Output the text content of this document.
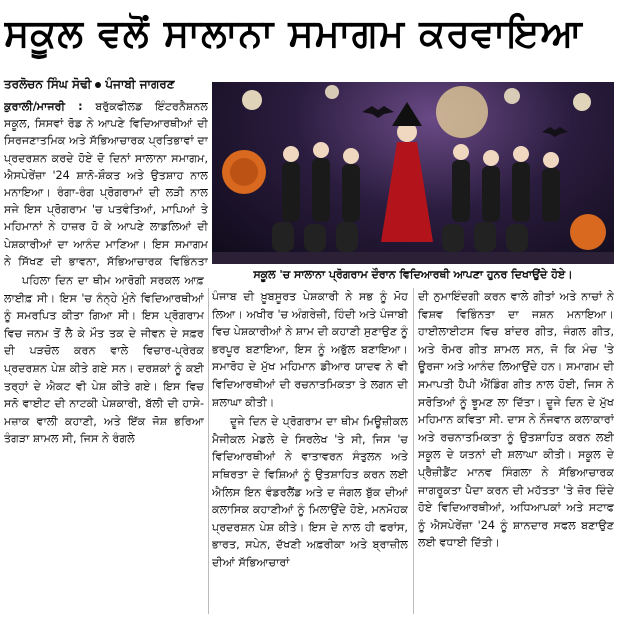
ਸਕੂਲ ਵਲੋਂ ਸਾਲਾਨਾ ਸਮਾਗਮ ਕਰਵਾਇਆ
ਤਰਲੋਚਨ ਸਿੰਘ ਸੋਢੀ ਪੰਜਾਬੀ ਜਾਗਰਣ
ਕੁਰਾਲੀ/ਮਾਜਰੀ : ਬਰੁੱਕਫੀਲਡ ਇੰਟਰਨੈਸ਼ਨਲ ਸਕੂਲ, ਸਿਸਵਾਂ ਰੋਡ ਨੇ ਆਪਣੇ ਵਿਦਿਆਰਥੀਆਂ ਦੀ ਸਿਰਜਣਾਤਮਿਕ ਅਤੇ ਸੱਭਿਆਚਾਰਕ ਪ੍ਰਤਿਭਾਵਾਂ ਦਾ ਪ੍ਰਦਰਸ਼ਨ ਕਰਦੇ ਹੋਏ ਦੋ ਦਿਨਾਂ ਸਾਲਾਨਾ ਸਮਾਗਮ, ਐਸਪੇਰੇਂਜ਼ਾ '24 ਸ਼ਾਨੋ-ਸ਼ੌਕਤ ਅਤੇ ਉਤਸ਼ਾਹ ਨਾਲ ਮਨਾਇਆ। ਰੰਗਾ-ਰੰਗ ਪ੍ਰੋਗਰਾਮਾਂ ਦੀ ਲੜੀ ਨਾਲ ਸਜੇ ਇਸ ਪ੍ਰੋਗਰਾਮ 'ਚ ਪਤਵੰਤਿਆਂ, ਮਾਪਿਆਂ ਤੇ ਮਹਿਮਾਨਾਂ ਨੇ ਹਾਜ਼ਰ ਹੋ ਕੇ ਆਪਣੇ ਲਾਡਲਿਆਂ ਦੀ ਪੇਸ਼ਕਾਰੀਆਂ ਦਾ ਆਨੰਦ ਮਾਣਿਆ। ਇਸ ਸਮਾਗਮ ਨੇ ਸਿੱਖਣ ਦੀ ਭਾਵਨਾ, ਸੱਭਿਆਚਾਰਕ ਵਿਭਿੰਨਤਾ
ਸਕੂਲ 'ਚ ਸਾਲਾਨਾ ਪ੍ਰੋਗਰਾਮ ਦੌਰਾਨ ਵਿਦਿਆਰਥੀ ਆਪਣਾ ਹੁਨਰ ਦਿਖਾਉਂਦੇ ਹੋਏ।

ਪਹਿਲਾ ਦਿਨ ਦਾ ਥੀਮ ਆਰੋਗੀ ਸਰਕਲ ਆਫ਼ ਲਾਈਫ਼ ਸੀ। ਇਸ 'ਚ ਨੰਨ੍ਹੇ ਮੁੰਨੇ ਵਿਦਿਆਰਥੀਆਂ ਨੂੰ ਸਮਰਪਿਤ ਕੀਤਾ ਗਿਆ ਸੀ। ਇਸ ਪ੍ਰੋਗਰਾਮ ਵਿਚ ਜਨਮ ਤੋਂ ਲੈ ਕੇ ਮੌਤ ਤਕ ਦੇ ਜੀਵਨ ਦੇ ਸਫ਼ਰ ਦੀ ਪੜਚੋਲ ਕਰਨ ਵਾਲੇ ਵਿਚਾਰ-ਪ੍ਰੇਰਕ ਪ੍ਰਦਰਸ਼ਨ ਪੇਸ਼ ਕੀਤੇ ਗਏ ਸਨ। ਦਰਸ਼ਕਾਂ ਨੂੰ ਕਈ ਤਰ੍ਹਾਂ ਦੇ ਐਕਟ ਵੀ ਪੇਸ਼ ਕੀਤੇ ਗਏ। ਇਸ ਵਿਚ ਸਨੋ ਵਾਈਟ ਦੀ ਨਾਟਕੀ ਪੇਸ਼ਕਾਰੀ, ਬੱਲੀ ਦੀ ਹਾਸੇ-ਮਜ਼ਾਕ ਵਾਲੀ ਕਹਾਣੀ, ਅਤੇ ਇੱਕ ਜੋਸ਼ ਭਰਿਆ ਤੰਗੜਾ ਸ਼ਾਮਲ ਸੀ, ਜਿਸ ਨੇ ਰੰਗਲੇ

ਪੰਜਾਬ ਦੀ ਖ਼ੂਬਸੂਰਤ ਪੇਸ਼ਕਾਰੀ ਨੇ ਸਭ ਨੂੰ ਮੋਹ ਲਿਆ। ਅਖੀਰ 'ਚ ਅੰਗਰੇਜ਼ੀ, ਹਿੰਦੀ ਅਤੇ ਪੰਜਾਬੀ ਵਿਚ ਪੇਸ਼ਕਾਰੀਆਂ ਨੇ ਸ਼ਾਮ ਦੀ ਕਹਾਣੀ ਸੁਣਾਉਣ ਨੂੰ ਭਰਪੂਰ ਬਣਾਇਆ, ਇਸ ਨੂੰ ਅਭੁੱਲ ਬਣਾਇਆ। ਸਮਾਰੋਹ ਦੇ ਮੁੱਖ ਮਹਿਮਾਨ ਡੀਆਰ ਯਾਦਵ ਨੇ ਵੀ ਵਿਦਿਆਰਥੀਆਂ ਦੀ ਰਚਨਾਤਮਿਕਤਾ ਤੇ ਲਗਨ ਦੀ ਸ਼ਲਾਘਾ ਕੀਤੀ।

ਦੂਜੇ ਦਿਨ ਦੇ ਪ੍ਰੋਗਰਾਮ ਦਾ ਥੀਮ ਮਿਊਜ਼ੀਕਲ ਮੈਜੀਕਲ ਮੇਡਲੇ ਦੇ ਸਿਰਲੇਖ 'ਤੇ ਸੀ, ਜਿਸ 'ਚ ਵਿਦਿਆਰਥੀਆਂ ਨੇ ਵਾਤਾਵਰਨ ਸੰਤੁਲਨ ਅਤੇ ਸਥਿਰਤਾ ਦੇ ਵਿਸ਼ਿਆਂ ਨੂੰ ਉਤਸ਼ਾਹਿਤ ਕਰਨ ਲਈ ਐਲਿਸ ਇਨ ਵੰਡਰਲੈਂਡ ਅਤੇ ਦ ਜੰਗਲ ਬੁੱਕ ਦੀਆਂ ਕਲਾਸਿਕ ਕਹਾਣੀਆਂ ਨੂੰ ਮਿਲਾਉਂਦੇ ਹੋਏ, ਮਨਮੋਹਕ ਪ੍ਰਦਰਸ਼ਨ ਪੇਸ਼ ਕੀਤੇ। ਇਸ ਦੇ ਨਾਲ ਹੀ ਫਰਾਂਸ, ਭਾਰਤ, ਸਪੇਨ, ਦੱਖਣੀ ਅਫ਼ਰੀਕਾ ਅਤੇ ਬ੍ਰਾਜ਼ੀਲ ਦੀਆਂ ਸੱਭਿਆਚਾਰਾਂ

ਦੀ ਨੁਮਾਇੰਦਗੀ ਕਰਨ ਵਾਲੇ ਗੀਤਾਂ ਅਤੇ ਨਾਚਾਂ ਨੇ ਵਿਸ਼ਵ ਵਿਭਿੰਨਤਾ ਦਾ ਜਸ਼ਨ ਮਨਾਇਆ। ਹਾਈਲਾਈਟਸ ਵਿਚ ਬਾਂਦਰ ਗੀਤ, ਜੰਗਲ ਗੀਤ, ਅਤੇ ਰੋਮਰ ਗੀਤ ਸ਼ਾਮਲ ਸਨ, ਜੋ ਕਿ ਮੰਚ 'ਤੇ ਊਰਜਾ ਅਤੇ ਆਨੰਦ ਲਿਆਉਂਦੇ ਹਨ। ਸਮਾਗਮ ਦੀ ਸਮਾਪਤੀ ਹੈਪੀ ਐਂਡਿੰਗ ਗੀਤ ਨਾਲ ਹੋਈ, ਜਿਸ ਨੇ ਸਰੋਤਿਆਂ ਨੂੰ ਝੂਮਣ ਲਾ ਦਿੱਤਾ। ਦੂਜੇ ਦਿਨ ਦੇ ਮੁੱਖ ਮਹਿਮਾਨ ਕਵਿਤਾ ਸੀ. ਦਾਸ ਨੇ ਨੌਜਵਾਨ ਕਲਾਕਾਰਾਂ ਅਤੇ ਰਚਨਾਤਮਿਕਤਾ ਨੂੰ ਉਤਸ਼ਾਹਿਤ ਕਰਨ ਲਈ ਸਕੂਲ ਦੇ ਯਤਨਾਂ ਦੀ ਸ਼ਲਾਘਾ ਕੀਤੀ। ਸਕੂਲ ਦੇ ਪ੍ਰੈਜ਼ੀਡੈਂਟ ਮਾਨਵ ਸਿੰਗਲਾ ਨੇ ਸੱਭਿਆਚਾਰਕ ਜਾਗਰੂਕਤਾ ਪੈਦਾ ਕਰਨ ਦੀ ਮਹੱਤਤਾ 'ਤੇ ਜ਼ੋਰ ਦਿੰਦੇ ਹੋਏ ਵਿਦਿਆਰਥੀਆਂ, ਅਧਿਆਪਕਾਂ ਅਤੇ ਸਟਾਫ ਨੂੰ ਐਸਪੇਰੇਂਜ਼ਾ '24 ਨੂੰ ਸ਼ਾਨਦਾਰ ਸਫਲ ਬਣਾਉਣ ਲਈ ਵਧਾਈ ਦਿੱਤੀ।
